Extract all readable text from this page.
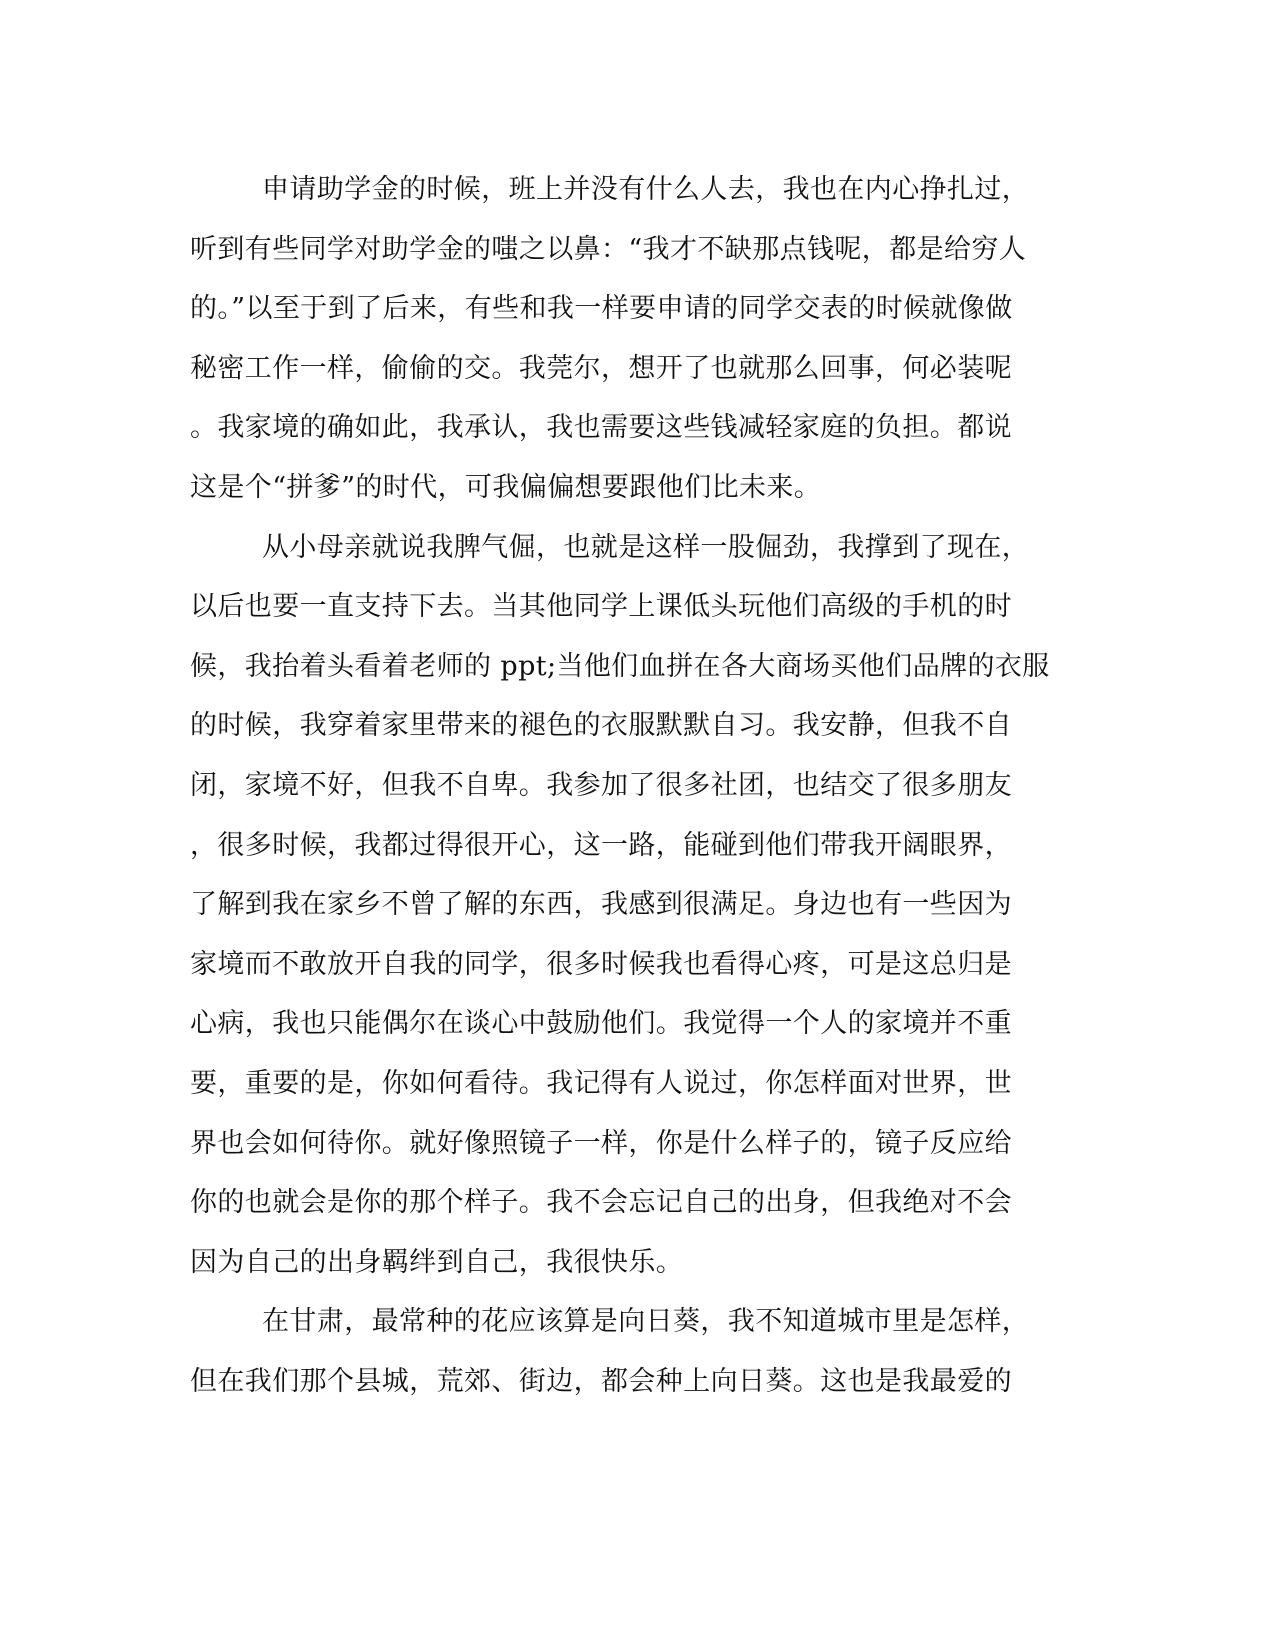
申请助学金的时候，班上并没有什么人去，我也在内心挣扎过，
听到有些同学对助学金的嗤之以鼻：“我才不缺那点钱呢，都是给穷人
的。”以至于到了后来，有些和我一样要申请的同学交表的时候就像做
秘密工作一样，偷偷的交。我莞尔，想开了也就那么回事，何必装呢
。我家境的确如此，我承认，我也需要这些钱减轻家庭的负担。都说
这是个“拼爹”的时代，可我偏偏想要跟他们比未来。
从小母亲就说我脾气倔，也就是这样一股倔劲，我撑到了现在，
以后也要一直支持下去。当其他同学上课低头玩他们高级的手机的时
候，我抬着头看着老师的 ppt;当他们血拼在各大商场买他们品牌的衣服
的时候，我穿着家里带来的褪色的衣服默默自习。我安静，但我不自
闭，家境不好，但我不自卑。我参加了很多社团，也结交了很多朋友
，很多时候，我都过得很开心，这一路，能碰到他们带我开阔眼界，
了解到我在家乡不曾了解的东西，我感到很满足。身边也有一些因为
家境而不敢放开自我的同学，很多时候我也看得心疼，可是这总归是
心病，我也只能偶尔在谈心中鼓励他们。我觉得一个人的家境并不重
要，重要的是，你如何看待。我记得有人说过，你怎样面对世界，世
界也会如何待你。就好像照镜子一样，你是什么样子的，镜子反应给
你的也就会是你的那个样子。我不会忘记自己的出身，但我绝对不会
因为自己的出身羁绊到自己，我很快乐。
在甘肃，最常种的花应该算是向日葵，我不知道城市里是怎样，
但在我们那个县城，荒郊、街边，都会种上向日葵。这也是我最爱的
